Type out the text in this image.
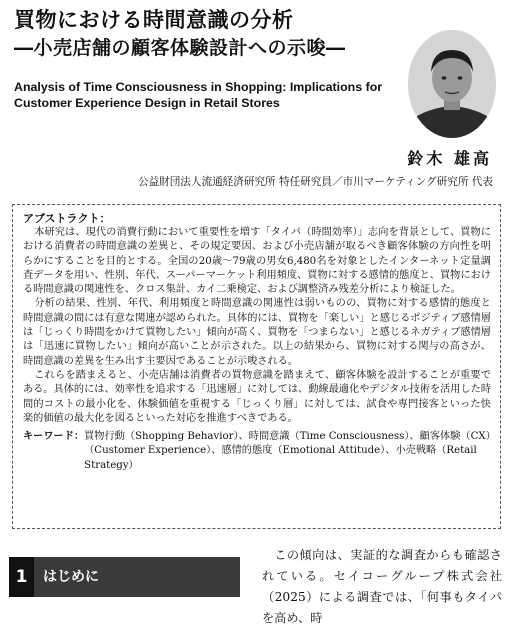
買物における時間意識の分析
―小売店舗の顧客体験設計への示唆―
Analysis of Time Consciousness in Shopping: Implications for Customer Experience Design in Retail Stores
鈴木 雄高
公益財団法人流通経済研究所 特任研究員／市川マーケティング研究所 代表
アブストラクト：

本研究は、現代の消費行動において重要性を増す「タイパ（時間効率）」志向を背景として、買物における消費者の時間意識の差異と、その規定要因、および小売店舗が取るべき顧客体験の方向性を明らかにすることを目的とする。全国の20歳～79歳の男女6,480名を対象としたインターネット定量調査データを用い、性別、年代、スーパーマーケット利用頻度、買物に対する感情的態度と、買物における時間意識の関連性を、クロス集計、カイ二乗検定、および調整済み残差分析により検証した。

分析の結果、性別、年代、利用頻度と時間意識の関連性は弱いものの、買物に対する感情的態度と時間意識の間には有意な関連が認められた。具体的には、買物を「楽しい」と感じるポジティブ感情層は「じっくり時間をかけて買物したい」傾向が高く、買物を「つまらない」と感じるネガティブ感情層は「迅速に買物したい」傾向が高いことが示された。以上の結果から、買物に対する関与の高さが、時間意識の差異を生み出す主要因であることが示唆される。

これらを踏まえると、小売店舗は消費者の買物意識を踏まえて、顧客体験を設計することが重要である。具体的には、効率性を追求する「迅速層」に対しては、動線最適化やデジタル技術を活用した時間的コストの最小化を、体験価値を重視する「じっくり層」に対しては、試食や専門接客といった快楽的価値の最大化を図るといった対応を推進すべきである。

キーワード： 買物行動（Shopping Behavior）、時間意識（Time Consciousness）、顧客体験（CX）（Customer Experience）、感情的態度（Emotional Attitude）、小売戦略（Retail Strategy）
1	はじめに

この傾向は、実証的な調査からも確認されている。セイコーグループ株式会社（2025）による調査では、「何事もタイパを高め、時
